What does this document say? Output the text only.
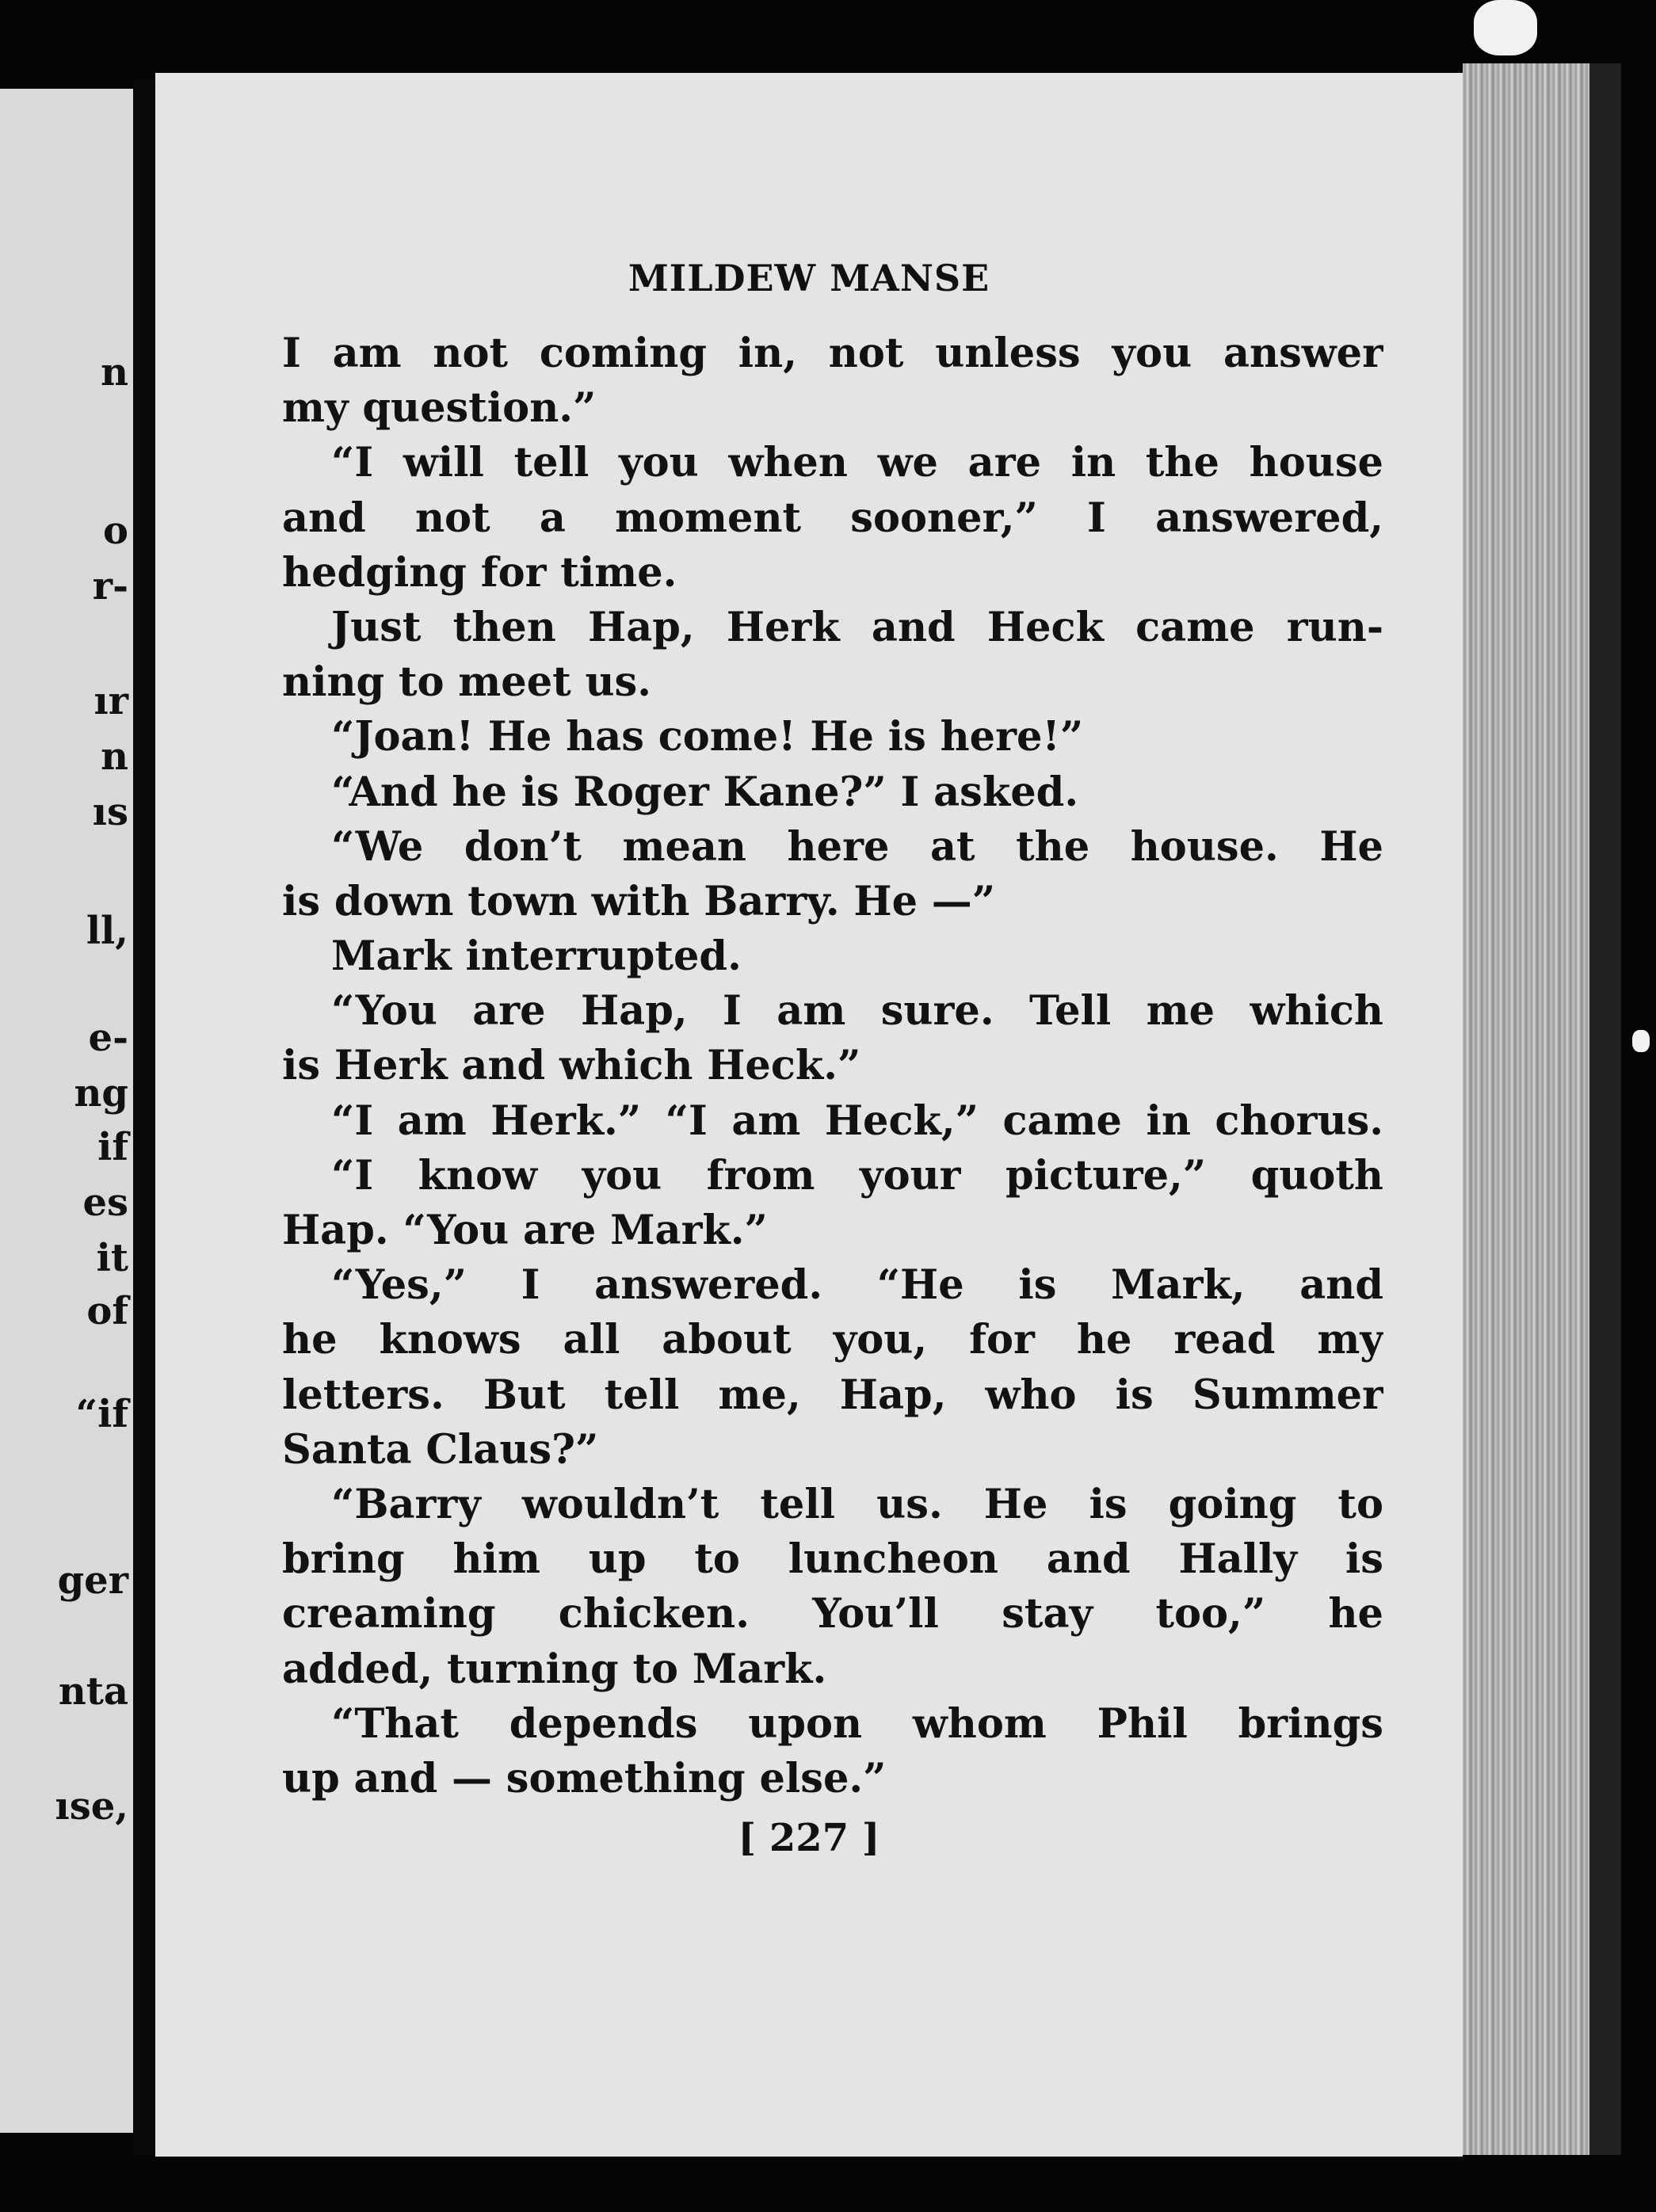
n
o
r-
ır
n
ıs
ll,
e-
ng
if
es
it
of
“if
ger
nta
ıse,
MILDEW MANSE
I am not coming in, not unless you answer
my question.”
“I will tell you when we are in the house
and not a moment sooner,” I answered,
hedging for time.
Just then Hap, Herk and Heck came run-
ning to meet us.
“Joan! He has come! He is here!”
“And he is Roger Kane?” I asked.
“We don’t mean here at the house. He
is down town with Barry. He —”
Mark interrupted.
“You are Hap, I am sure. Tell me which
is Herk and which Heck.”
“I am Herk.” “I am Heck,” came in chorus.
“I know you from your picture,” quoth
Hap. “You are Mark.”
“Yes,” I answered. “He is Mark, and
he knows all about you, for he read my
letters. But tell me, Hap, who is Summer
Santa Claus?”
“Barry wouldn’t tell us. He is going to
bring him up to luncheon and Hally is
creaming chicken. You’ll stay too,” he
added, turning to Mark.
“That depends upon whom Phil brings
up and — something else.”
[ 227 ]
